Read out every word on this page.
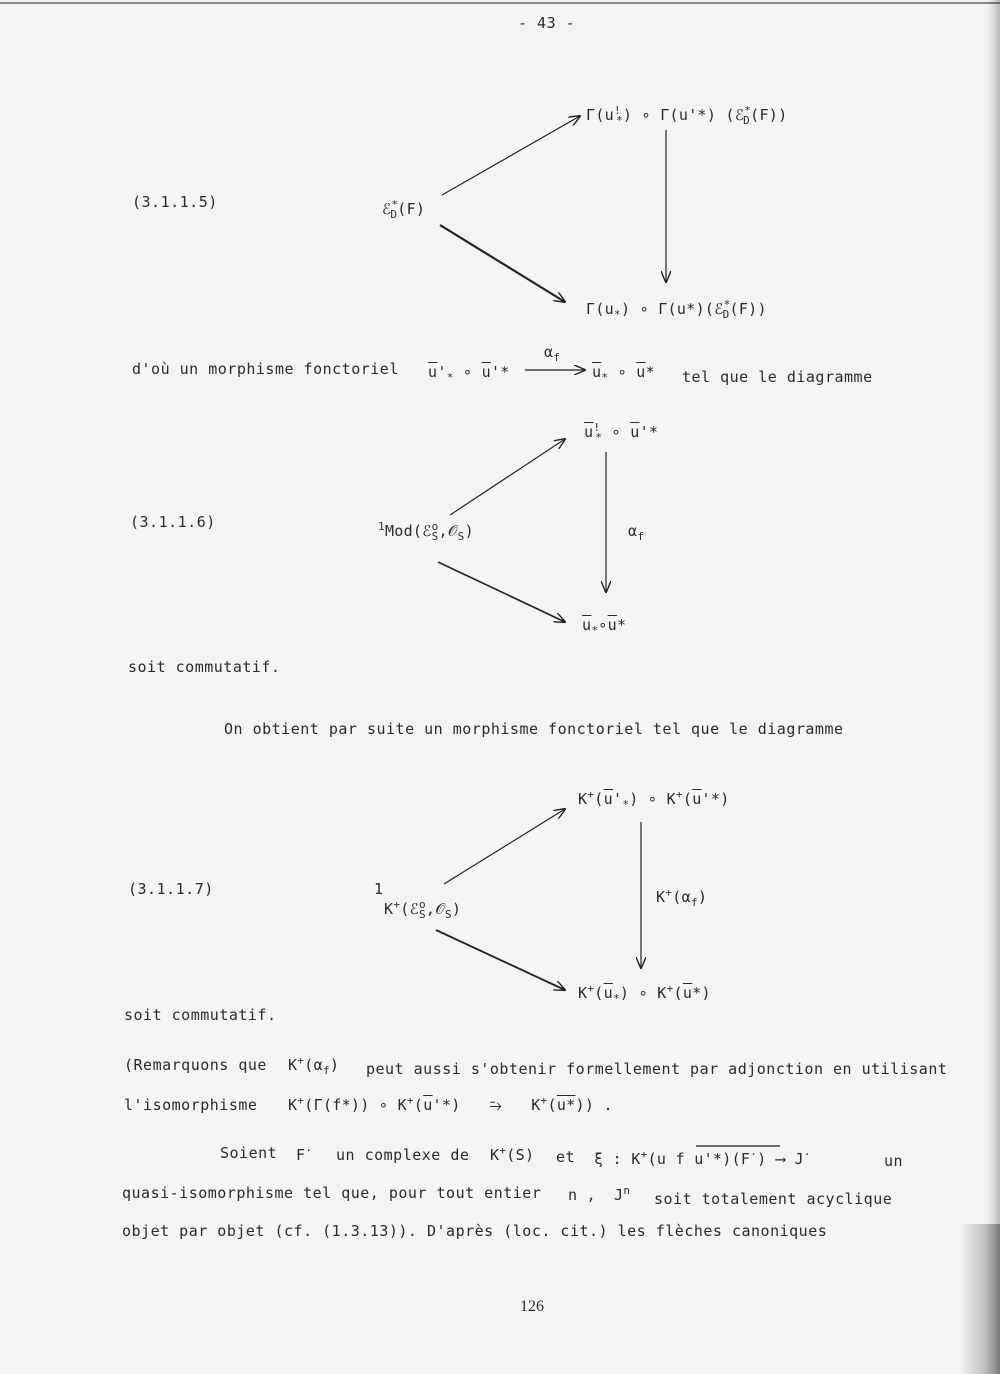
- 43 -
(3.1.1.5)	ℰ*$_D$(F)
$\Gamma(u^!_*)$ ∘ Γ(u'*) (ℰ*$_D$(F))
$\Gamma(u_*)$ ∘ Γ(u*)(ℰ*$_D$(F))
d'où un morphisme fonctoriel $\overline{u}'_*$ ∘ $\overline{u}'*$
$\alpha_f$
$\overline{u}_*$ ∘ $\overline{u}*$ tel que le diagramme
(3.1.1.6)	$^1$Mod(ℰ$^o_S$,𝒪$_S$)
$\overline{u}^!_*$ ∘ $\overline{u}'*$
$\alpha_f$
$\overline{u}_*\circ\overline{u}*$
soit commutatif.
On obtient par suite un morphisme fonctoriel tel que le diagramme
(3.1.1.7)	1
K+(ℰ$^o_S$,𝒪$_S$)
$K^+(\overline{u}'_*)$ ∘ $K^+(\overline{u}'*)$
$K^+(\alpha_f)$
$K^+(\overline{u}_*)$ ∘ $K^+(\overline{u}*)$
soit commutatif.
(Remarquons que $K^+(\alpha_f)$ peut aussi s'obtenir formellement par adjonction en utilisant
l'isomorphisme K+(Γ(f*)) ∘ $K^+(\overline{u}'*)$ ⥲ K+(u*)) .
Soient F· un complexe de K+(S) et ξ : K+(u f u'*)(F·) ⟶ J·	un
quasi-isomorphisme tel que, pour tout entier n , $J^n$ soit totalement acyclique
objet par objet (cf. (1.3.13)). D'après (loc. cit.) les flèches canoniques
126
